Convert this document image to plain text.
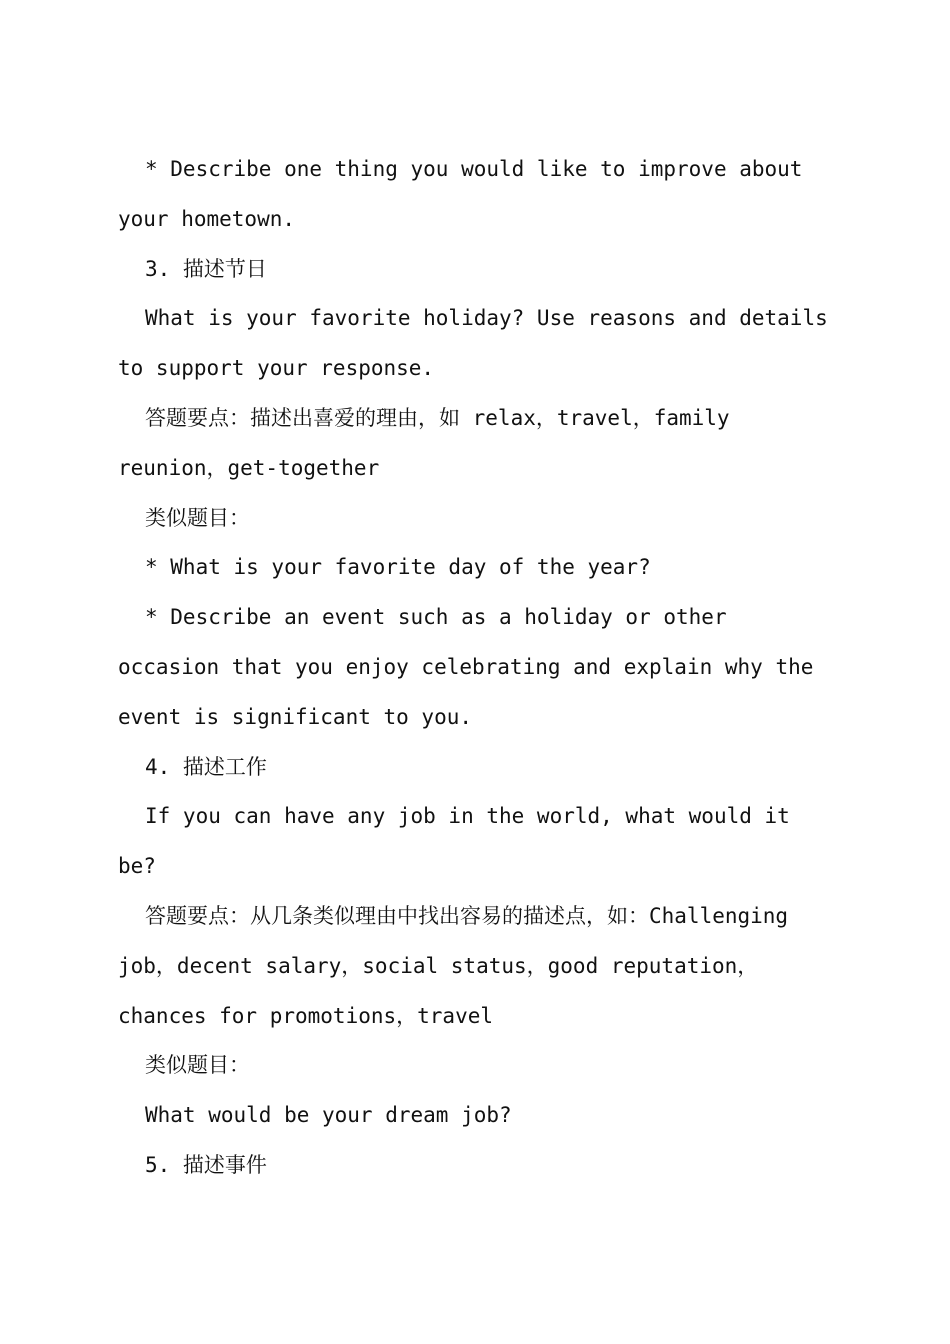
* Describe one thing you would like to improve about your hometown.

3. 描述节日

What is your favorite holiday? Use reasons and details to support your response.

答题要点：描述出喜爱的理由，如 relax，travel，family reunion，get-together

类似题目：

* What is your favorite day of the year?

* Describe an event such as a holiday or other occasion that you enjoy celebrating and explain why the event is significant to you.

4. 描述工作

If you can have any job in the world, what would it be?

答题要点：从几条类似理由中找出容易的描述点，如：Challenging job，decent salary，social status，good reputation，chances for promotions，travel

类似题目：

What would be your dream job?

5. 描述事件
